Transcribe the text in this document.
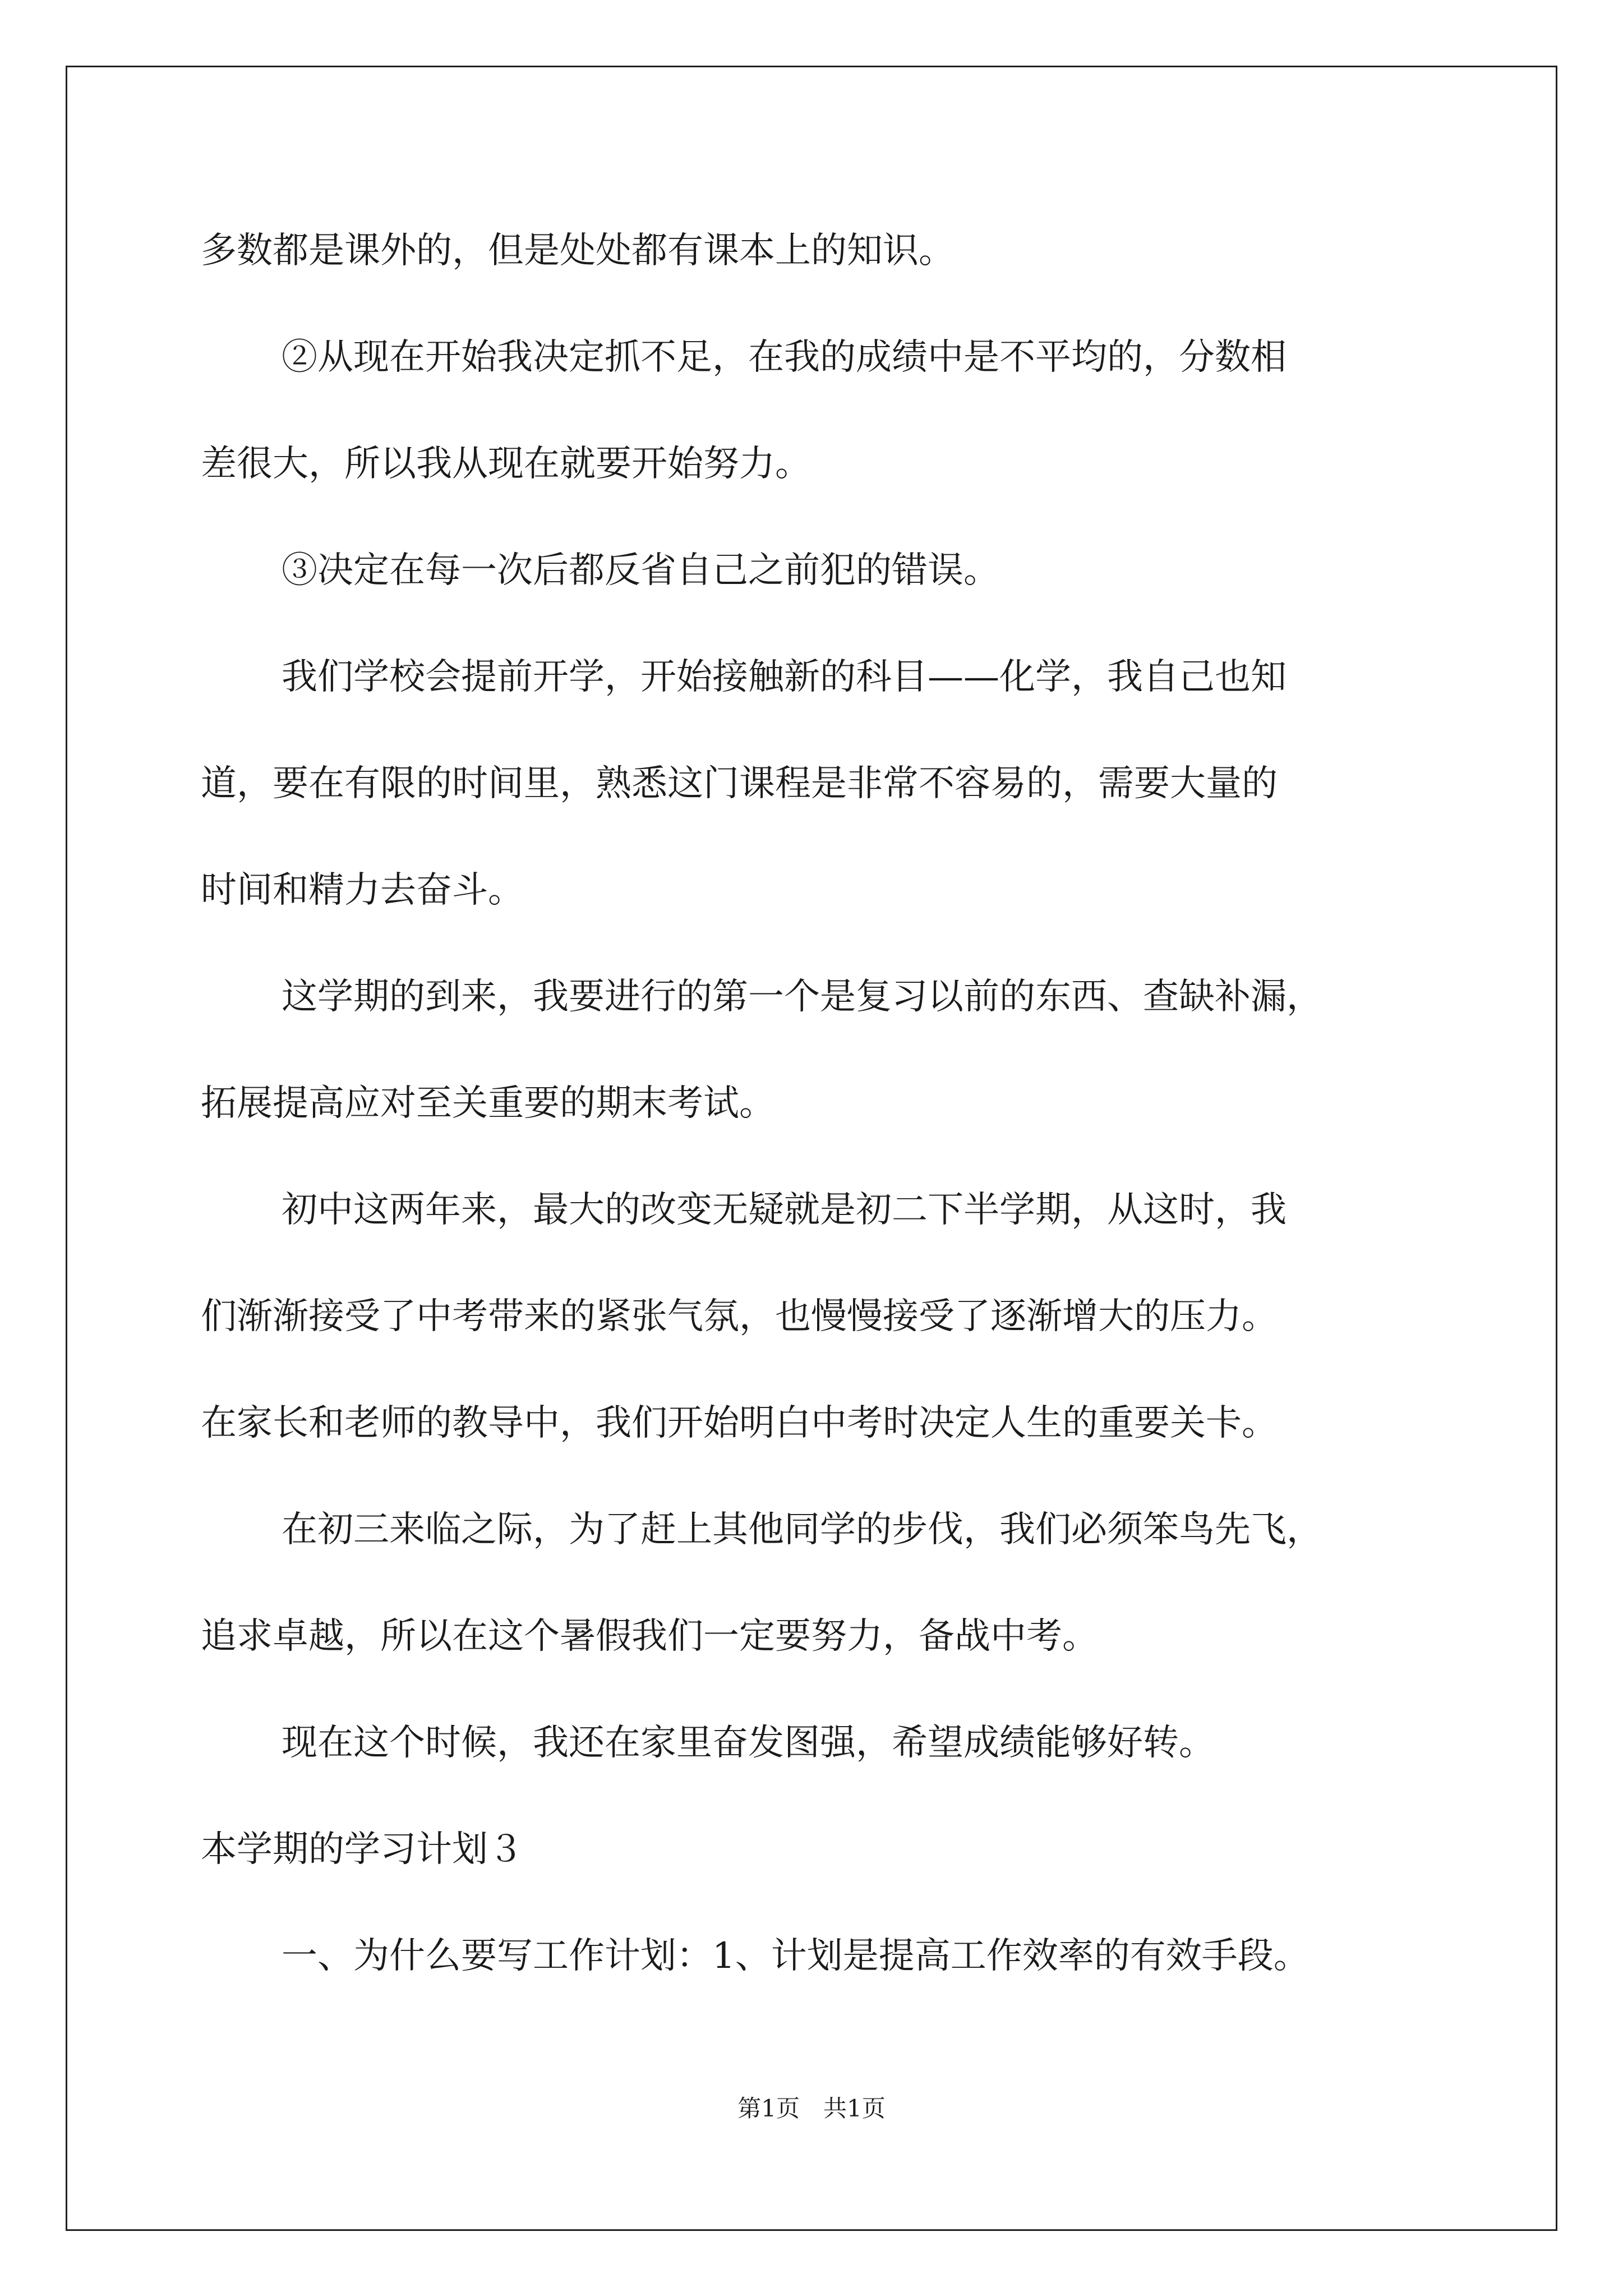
多数都是课外的，但是处处都有课本上的知识。
②从现在开始我决定抓不足，在我的成绩中是不平均的，分数相
差很大，所以我从现在就要开始努力。
③决定在每一次后都反省自己之前犯的错误。
我们学校会提前开学，开始接触新的科目——化学，我自己也知
道，要在有限的时间里，熟悉这门课程是非常不容易的，需要大量的
时间和精力去奋斗。
这学期的到来，我要进行的第一个是复习以前的东西、查缺补漏，
拓展提高应对至关重要的期末考试。
初中这两年来，最大的改变无疑就是初二下半学期，从这时，我
们渐渐接受了中考带来的紧张气氛，也慢慢接受了逐渐增大的压力。
在家长和老师的教导中，我们开始明白中考时决定人生的重要关卡。
在初三来临之际，为了赶上其他同学的步伐，我们必须笨鸟先飞，
追求卓越，所以在这个暑假我们一定要努力，备战中考。
现在这个时候，我还在家里奋发图强，希望成绩能够好转。
本学期的学习计划３
一、为什么要写工作计划：1、计划是提高工作效率的有效手段。
第1页　共1页
